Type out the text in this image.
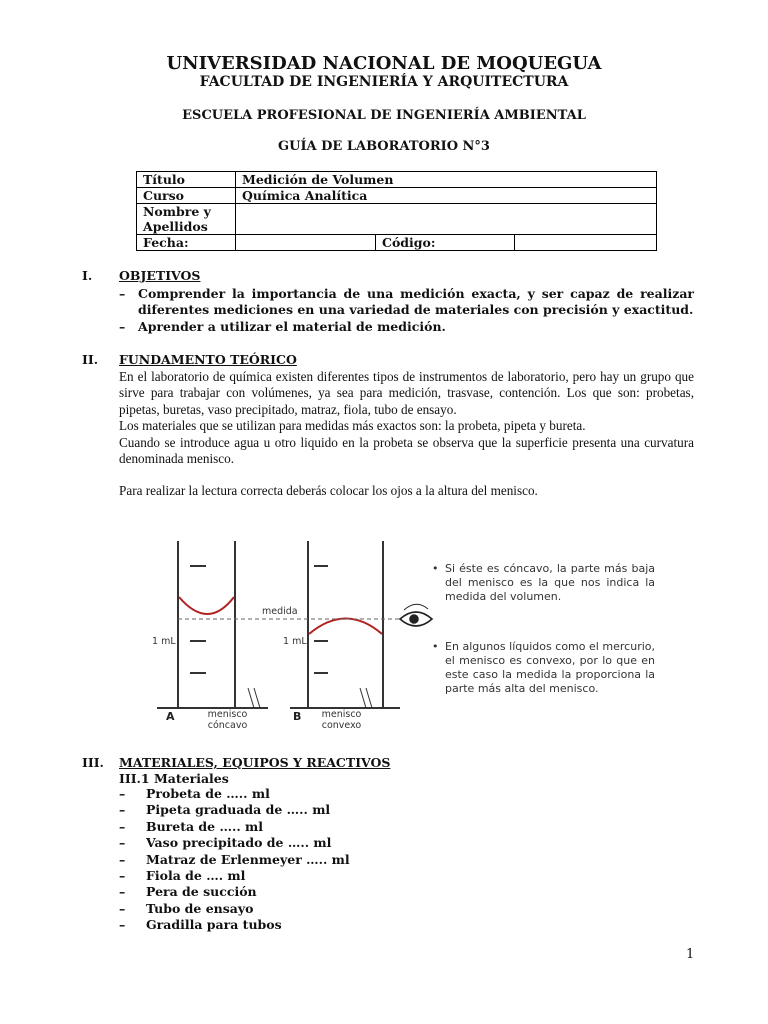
UNIVERSIDAD NACIONAL DE MOQUEGUA
FACULTAD DE INGENIERÍA Y ARQUITECTURA
ESCUELA PROFESIONAL DE INGENIERÍA AMBIENTAL
GUÍA DE LABORATORIO N°3
Título	Medición de Volumen		
Curso	Química Analítica		
Nombre y Apellidos			
Fecha:		Código:	
I. OBJETIVOS
– Comprender la importancia de una medición exacta, y ser capaz de realizar diferentes mediciones en una variedad de materiales con precisión y exactitud.
– Aprender a utilizar el material de medición.
II. FUNDAMENTO TEÓRICO
En el laboratorio de química existen diferentes tipos de instrumentos de laboratorio, pero hay un grupo que sirve para trabajar con volúmenes, ya sea para medición, trasvase, contención. Los que son: probetas, pipetas, buretas, vaso precipitado, matraz, fiola, tubo de ensayo.
Los materiales que se utilizan para medidas más exactos son: la probeta, pipeta y bureta.
Cuando se introduce agua u otro liquido en la probeta se observa que la superficie presenta una curvatura denominada menisco.
Para realizar la lectura correcta deberás colocar los ojos a la altura del menisco.
medida
1 mL	1 mL
A	B
menisco
cóncavo
menisco
convexo
• Si éste es cóncavo, la parte más baja del menisco es la que nos indica la medida del volumen.
• En algunos líquidos como el mercurio, el menisco es convexo, por lo que en este caso la medida la proporciona la parte más alta del menisco.
III. MATERIALES, EQUIPOS Y REACTIVOS
III.1 Materiales
– Probeta de ….. ml
– Pipeta graduada de ….. ml
– Bureta de ….. ml
– Vaso precipitado de ….. ml
– Matraz de Erlenmeyer ….. ml
– Fiola de …. ml
– Pera de succión
– Tubo de ensayo
– Gradilla para tubos
1
